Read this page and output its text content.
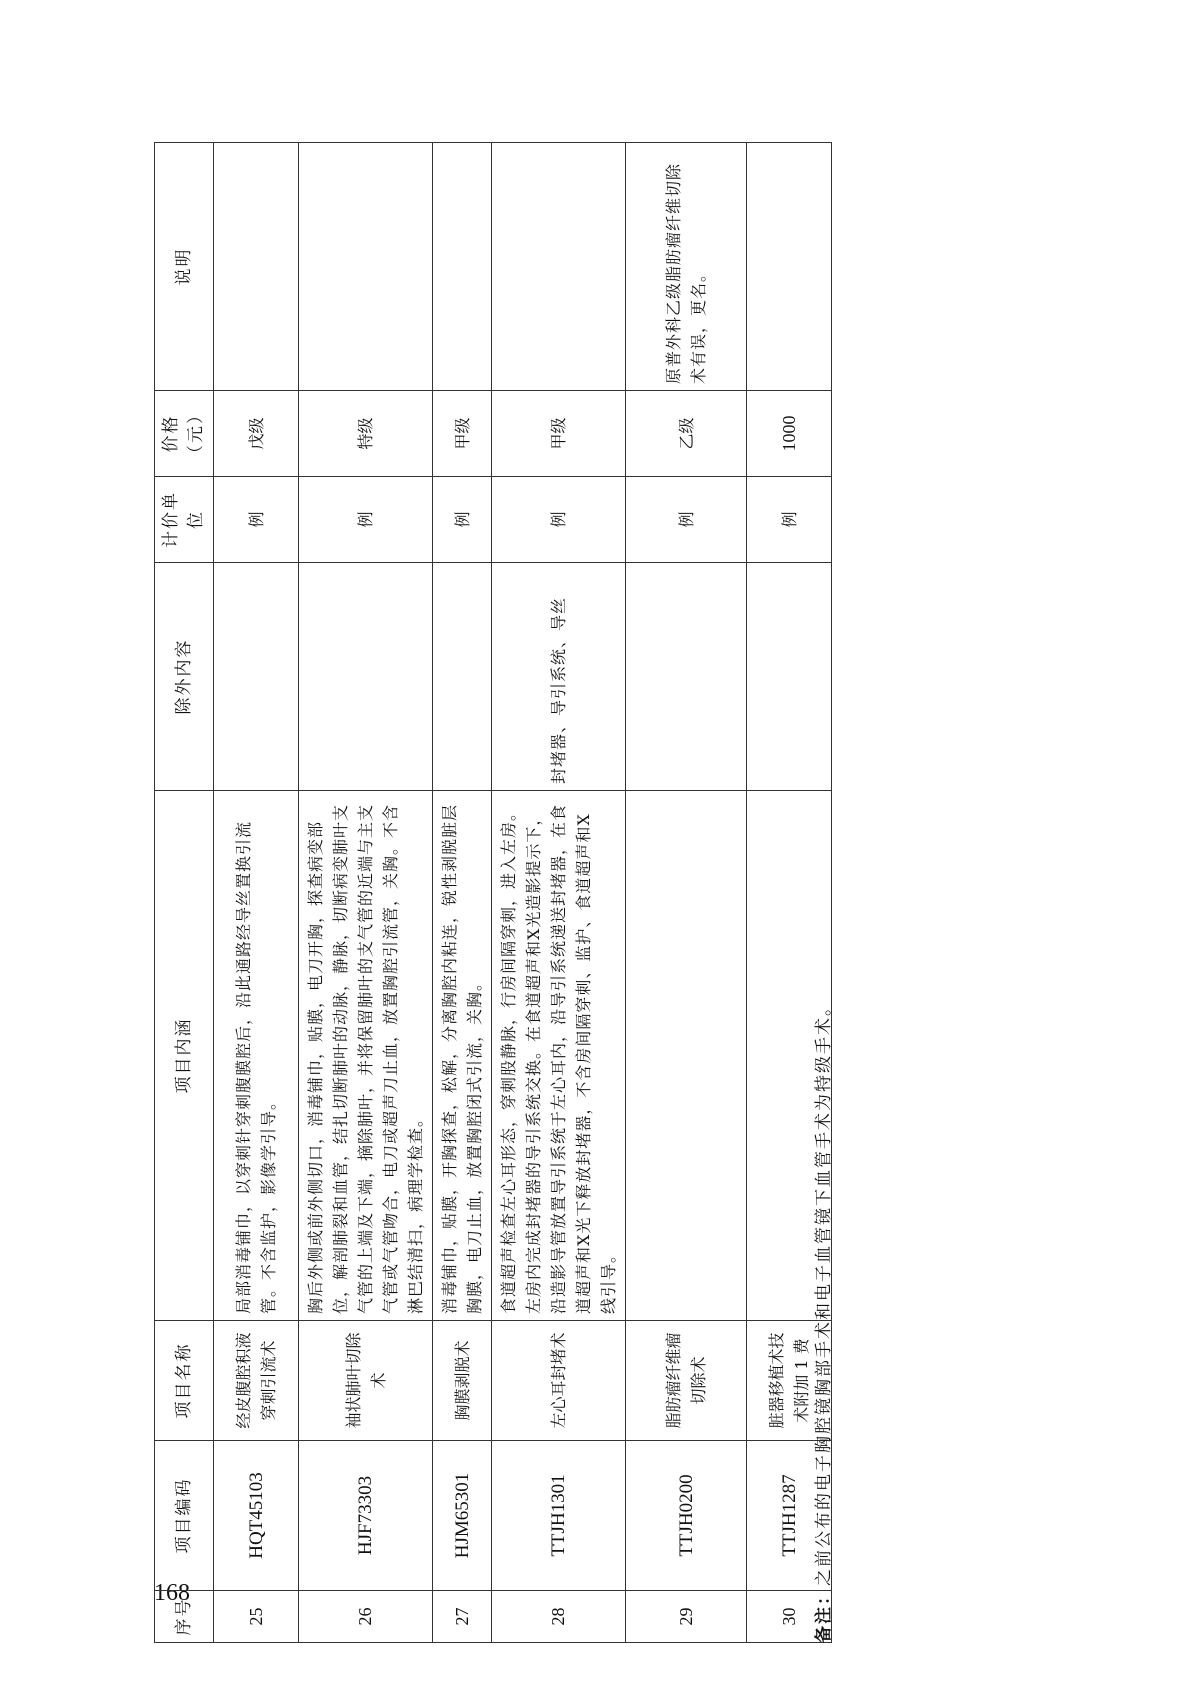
168
序号	项目编码	项目名称	项目内涵	除外内容	计价单位	价格（元）	说明
25	HQT45103	经皮腹腔积液穿刺引流术	局部消毒铺巾，以穿刺针穿刺腹膜腔后，沿此通路经导丝置换引流管。不含监护，影像学引导。		例	戊级	
26	HJF73303	袖状肺叶切除术	胸后外侧或前外侧切口，消毒铺巾，贴膜，电刀开胸，探查病变部位，解剖肺裂和血管，结扎切断肺叶的动脉，静脉，切断病变肺叶支气管的上端及下端，摘除肺叶，并将保留肺叶的支气管的近端与主支气管或气管吻合，电刀或超声刀止血，放置胸腔引流管，关胸。不含淋巴结清扫，病理学检查。		例	特级	
27	HJM65301	胸膜剥脱术	消毒铺巾，贴膜，开胸探查，松解，分离胸腔内粘连，锐性剥脱脏层胸膜，电刀止血，放置胸腔闭式引流，关胸。		例	甲级	
28	TTJH1301	左心耳封堵术	食道超声检查左心耳形态，穿刺股静脉，行房间隔穿刺，进入左房。左房内完成封堵器的导引系统交换。在食道超声和X光造影提示下，沿造影导管放置导引系统于左心耳内，沿导引系统递送封堵器，在食道超声和X光下释放封堵器，不含房间隔穿刺、监护、食道超声和X线引导。	封堵器、导引系统、导丝	例	甲级	
29	TTJH0200	脂肪瘤纤维瘤切除术			例	乙级	原普外科乙级脂肪瘤纤维切除术有误，更名。
30	TTJH1287	脏器移植术技术附加 1 费			例	1000	
备注：之前公布的电子胸腔镜胸部手术和电子血管镜下血管手术为特级手术。
